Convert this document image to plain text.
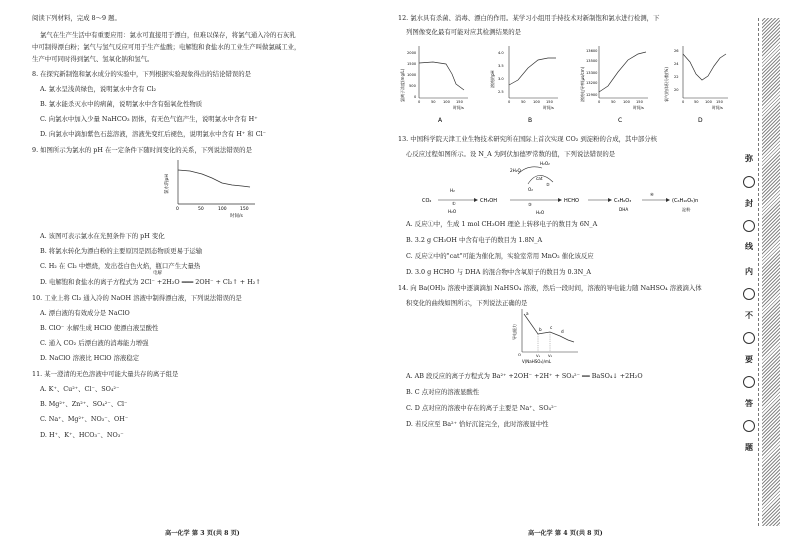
阅读下列材料，完成 8～9 题。
氯气在生产生活中有重要应用：氯水可直接用于漂白，但难以保存，将氯气通入冷的石灰乳
中可制得漂白粉；氯气与氢气反应可用于生产盐酸；电解饱和食盐水的工业生产叫做氯碱工业，
生产中可同时得到氯气、氢氧化钠和氢气。
8. 在探究新制饱和氯水成分的实验中，下列根据实验现象得出的结论错误的是
A. 氯水呈浅黄绿色，说明氯水中含有 Cl₂
B. 氯水能杀灭水中的病菌，说明氯水中含有强氧化性物质
C. 向氯水中加入少量 NaHCO₃ 固体，有无色气泡产生，说明氯水中含有 H⁺
D. 向氯水中滴加紫色石蕊溶液，溶液先变红后褪色，说明氯水中含有 H⁺ 和 Cl⁻
9. 如图所示为氯水的 pH 在一定条件下随时间变化的关系，下列说法错误的是
氯水的pH
0	50	100	150
时间/s
A. 该图可表示氯水在光照条件下的 pH 变化
B. 将氯水转化为漂白粉的主要原因是固态物质更易于运输
C. H₂ 在 Cl₂ 中燃烧，发出苍白色火焰，瓶口产生大量热
电解
D. 电解饱和食盐水的离子方程式为 2Cl⁻ +2H₂O ═══ 2OH⁻ + Cl₂↑ + H₂↑
10. 工业上将 Cl₂ 通入冷的 NaOH 溶液中制得漂白液，下列说法错误的是
A. 漂白液的有效成分是 NaClO
B. ClO⁻ 水解生成 HClO 使漂白液呈酸性
C. 通入 CO₂ 后漂白液的消毒能力增强
D. NaClO 溶液比 HClO 溶液稳定
11. 某一澄清的无色溶液中可能大量共存的离子组是
A. K⁺、Cu²⁺、Cl⁻、SO₄²⁻
B. Mg²⁺、Zn²⁺、SO₄²⁻、Cl⁻
C. Na⁺、Mg²⁺、NO₃⁻、OH⁻
D. H⁺、K⁺、HCO₃⁻、NO₃⁻
高一化学 第 3 页(共 8 页)
12. 氯水具有杀菌、消毒、漂白的作用。某学习小组用手持技术对新制饱和氯水进行检测，下
列图像变化最有可能对应其检测结果的是
氯离子浓度(mg/L)
2000
1500
1000
500
0
0	50 100 150
时间/s
A
溶液的pH
4.0
3.5
3.0
2.5
0	50 100 150
时间/s
B
溶液电导率(μs/cm)
13600
13500
13300
13200
12900
0	50 100 150
时间/s
C
氧气的体积分数(%)
26
24
22
20
0	50 100 150
时间/s
D
13. 中国科学院天津工业生物技术研究所在国际上首次实现 CO₂ 到淀粉的合成，其中部分核
心反应过程如图所示。设 N_A 为阿伏加德罗常数的值，下列说法错误的是
CO₂
H₂
H₂O
①	CH₃OH
2H₂O
H₂O₂
cat
O₂
②
③
H₂O
HCHO	C₃H₆O₃
DHA
④
(C₆H₁₀O₅)n
淀粉
A. 反应①中，生成 1 mol CH₃OH 理论上转移电子的数目为 6N_A
B. 3.2 g CH₃OH 中含有电子的数目为 1.8N_A
C. 反应②中的"cat"可能为催化剂，实验室常用 MnO₂ 催化该反应
D. 3.0 g HCHO 与 DHA 的混合物中含氧原子的数目为 0.3N_A
14. 向 Ba(OH)₂ 溶液中逐滴滴加 NaHSO₄ 溶液，然后一段时间，溶液的导电能力随 NaHSO₄ 溶液滴入体
积变化的曲线如图所示，下列说法正确的是
导电能力
a
b c
d
O	V₁ V₂
V(NaHSO₄)/mL
A. AB 段反应的离子方程式为 Ba²⁺ +2OH⁻ +2H⁺ + SO₄²⁻ ══ BaSO₄↓ +2H₂O
B. C 点对应的溶液显酸性
C. D 点对应的溶液中存在的离子主要是 Na⁺、SO₄²⁻
D. 若反应至 Ba²⁺ 恰好沉淀完全，此时溶液显中性
高一化学 第 4 页(共 8 页)
弥
封
线
内
不
要
答
题
